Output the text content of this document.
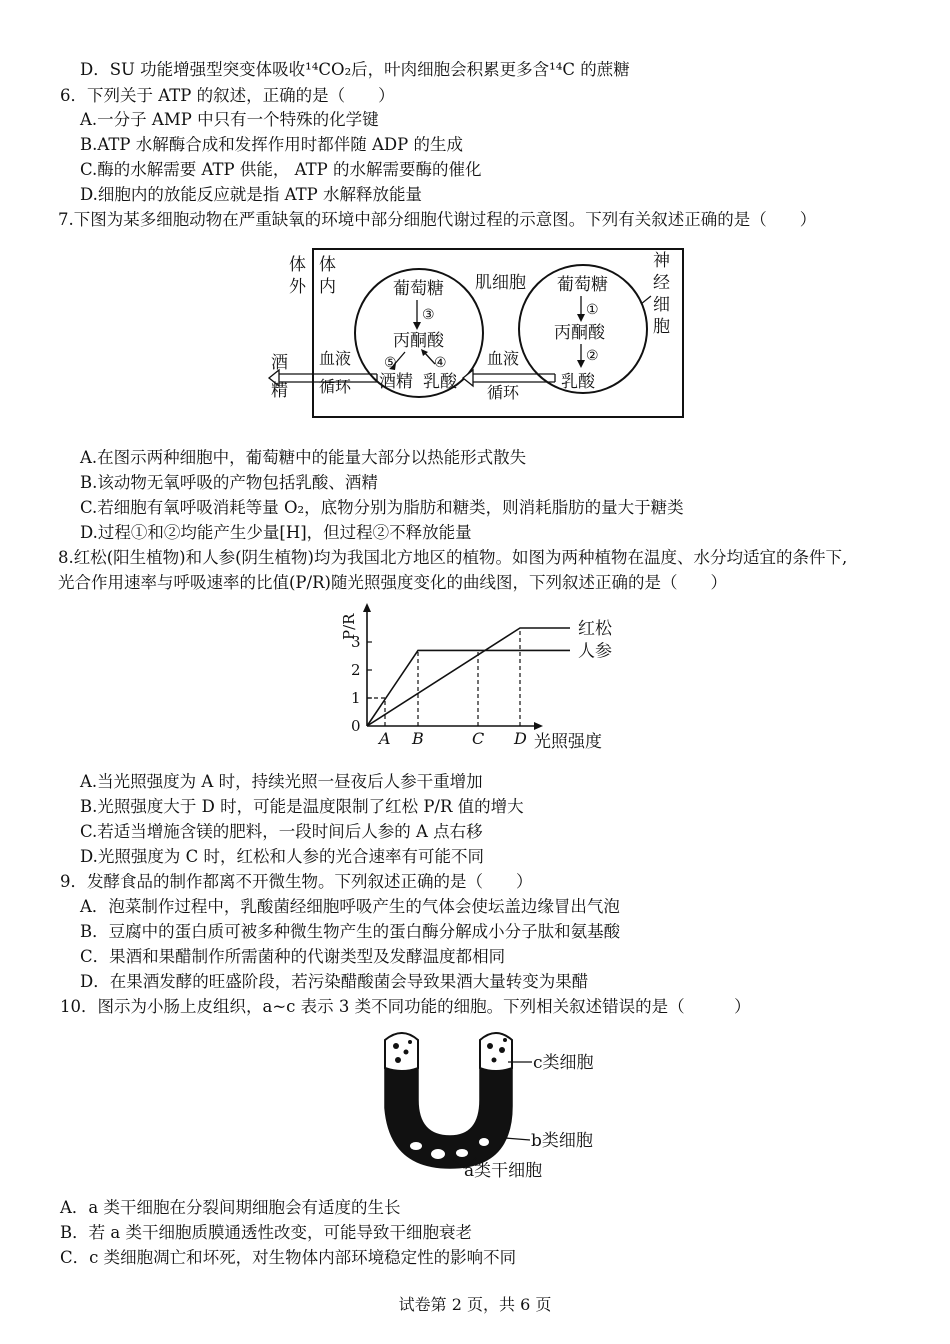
D．SU 功能增强型突变体吸收¹⁴CO₂后，叶肉细胞会积累更多含¹⁴C 的蔗糖
6．下列关于 ATP 的叙述，正确的是（　　）
A.一分子 AMP 中只有一个特殊的化学键
B.ATP 水解酶合成和发挥作用时都伴随 ADP 的生成
C.酶的水解需要 ATP 供能， ATP 的水解需要酶的催化
D.细胞内的放能反应就是指 ATP 水解释放能量
7.下图为某多细胞动物在严重缺氧的环境中部分细胞代谢过程的示意图。下列有关叙述正确的是（　　）
体
外
体
内	葡萄糖
③
丙酮酸
⑤	④
酒精 乳酸
肌细胞 葡萄糖
①
丙酮酸
②
乳酸
神
经
细
胞
血液
循环
血液
循环
酒
精
A.在图示两种细胞中，葡萄糖中的能量大部分以热能形式散失
B.该动物无氧呼吸的产物包括乳酸、酒精
C.若细胞有氧呼吸消耗等量 O₂，底物分别为脂肪和糖类，则消耗脂肪的量大于糖类
D.过程①和②均能产生少量[H]，但过程②不释放能量
8.红松(阳生植物)和人参(阴生植物)均为我国北方地区的植物。如图为两种植物在温度、水分均适宜的条件下,
光合作用速率与呼吸速率的比值(P/R)随光照强度变化的曲线图，下列叙述正确的是（　　）
P/R
光照强度
0
1
2
3
A B	C D
红松
人参
A.当光照强度为 A 时，持续光照一昼夜后人参干重增加
B.光照强度大于 D 时，可能是温度限制了红松 P/R 值的增大
C.若适当增施含镁的肥料，一段时间后人参的 A 点右移
D.光照强度为 C 时，红松和人参的光合速率有可能不同
9．发酵食品的制作都离不开微生物。下列叙述正确的是（　　）
A．泡菜制作过程中，乳酸菌经细胞呼吸产生的气体会使坛盖边缘冒出气泡
B．豆腐中的蛋白质可被多种微生物产生的蛋白酶分解成小分子肽和氨基酸
C．果酒和果醋制作所需菌种的代谢类型及发酵温度都相同
D．在果酒发酵的旺盛阶段，若污染醋酸菌会导致果酒大量转变为果醋
10．图示为小肠上皮组织，a~c 表示 3 类不同功能的细胞。下列相关叙述错误的是（　　　）
c类细胞
b类细胞
a类干细胞
A．a 类干细胞在分裂间期细胞会有适度的生长
B．若 a 类干细胞质膜通透性改变，可能导致干细胞衰老
C．c 类细胞凋亡和坏死，对生物体内部环境稳定性的影响不同
试卷第 2 页，共 6 页
